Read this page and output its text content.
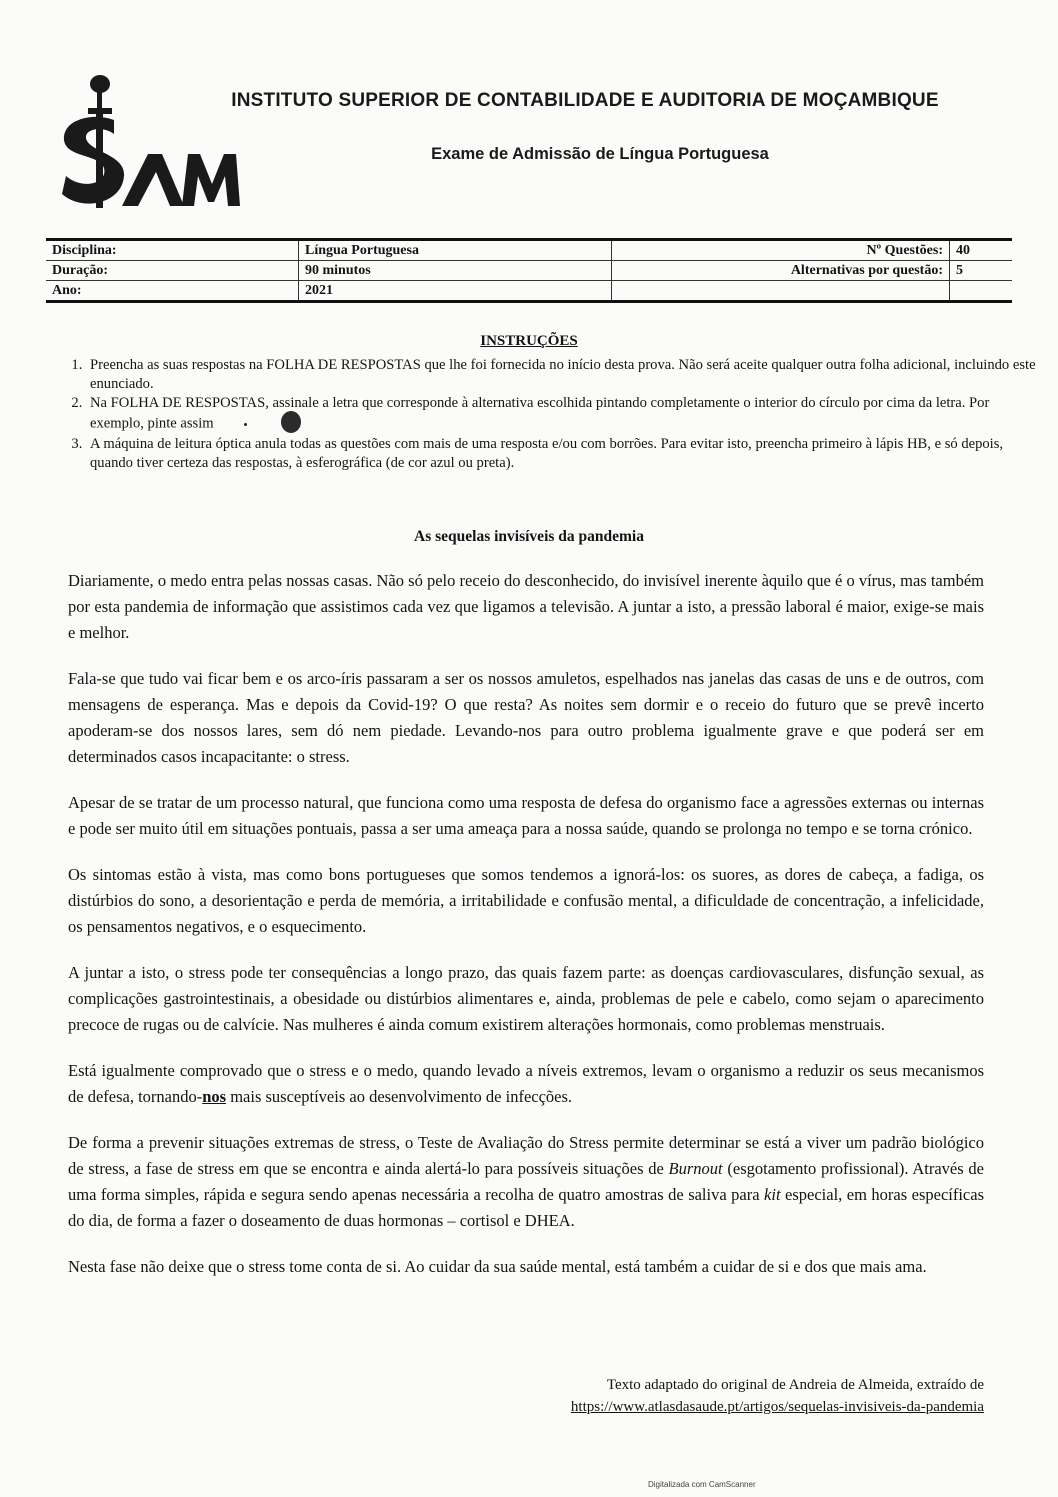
INSTITUTO SUPERIOR DE CONTABILIDADE E AUDITORIA DE MOÇAMBIQUE
Exame de Admissão de Língua Portuguesa
Disciplina:	Língua Portuguesa	Nº Questões:	40
Duração:	90 minutos	Alternativas por questão:	5
Ano:	2021		
INSTRUÇÕES
1. Preencha as suas respostas na FOLHA DE RESPOSTAS que lhe foi fornecida no início desta prova. Não será aceite qualquer outra folha adicional, incluindo este enunciado.
2. Na FOLHA DE RESPOSTAS, assinale a letra que corresponde à alternativa escolhida pintando completamente o interior do círculo por cima da letra. Por exemplo, pinte assim
3. A máquina de leitura óptica anula todas as questões com mais de uma resposta e/ou com borrões. Para evitar isto, preencha primeiro à lápis HB, e só depois, quando tiver certeza das respostas, à esferográfica (de cor azul ou preta).
As sequelas invisíveis da pandemia

Diariamente, o medo entra pelas nossas casas. Não só pelo receio do desconhecido, do invisível inerente àquilo que é o vírus, mas também por esta pandemia de informação que assistimos cada vez que ligamos a televisão. A juntar a isto, a pressão laboral é maior, exige-se mais e melhor.

Fala-se que tudo vai ficar bem e os arco-íris passaram a ser os nossos amuletos, espelhados nas janelas das casas de uns e de outros, com mensagens de esperança. Mas e depois da Covid-19? O que resta? As noites sem dormir e o receio do futuro que se prevê incerto apoderam-se dos nossos lares, sem dó nem piedade. Levando-nos para outro problema igualmente grave e que poderá ser em determinados casos incapacitante: o stress.

Apesar de se tratar de um processo natural, que funciona como uma resposta de defesa do organismo face a agressões externas ou internas e pode ser muito útil em situações pontuais, passa a ser uma ameaça para a nossa saúde, quando se prolonga no tempo e se torna crónico.

Os sintomas estão à vista, mas como bons portugueses que somos tendemos a ignorá-los: os suores, as dores de cabeça, a fadiga, os distúrbios do sono, a desorientação e perda de memória, a irritabilidade e confusão mental, a dificuldade de concentração, a infelicidade, os pensamentos negativos, e o esquecimento.

A juntar a isto, o stress pode ter consequências a longo prazo, das quais fazem parte: as doenças cardiovasculares, disfunção sexual, as complicações gastrointestinais, a obesidade ou distúrbios alimentares e, ainda, problemas de pele e cabelo, como sejam o aparecimento precoce de rugas ou de calvície. Nas mulheres é ainda comum existirem alterações hormonais, como problemas menstruais.

Está igualmente comprovado que o stress e o medo, quando levado a níveis extremos, levam o organismo a reduzir os seus mecanismos de defesa, tornando-nos mais susceptíveis ao desenvolvimento de infecções.

De forma a prevenir situações extremas de stress, o Teste de Avaliação do Stress permite determinar se está a viver um padrão biológico de stress, a fase de stress em que se encontra e ainda alertá-lo para possíveis situações de Burnout (esgotamento profissional). Através de uma forma simples, rápida e segura sendo apenas necessária a recolha de quatro amostras de saliva para kit especial, em horas específicas do dia, de forma a fazer o doseamento de duas hormonas – cortisol e DHEA.

Nesta fase não deixe que o stress tome conta de si. Ao cuidar da sua saúde mental, está também a cuidar de si e dos que mais ama.

Texto adaptado do original de Andreia de Almeida, extraído de
https://www.atlasdasaude.pt/artigos/sequelas-invisiveis-da-pandemia
Digitalizada com CamScanner
